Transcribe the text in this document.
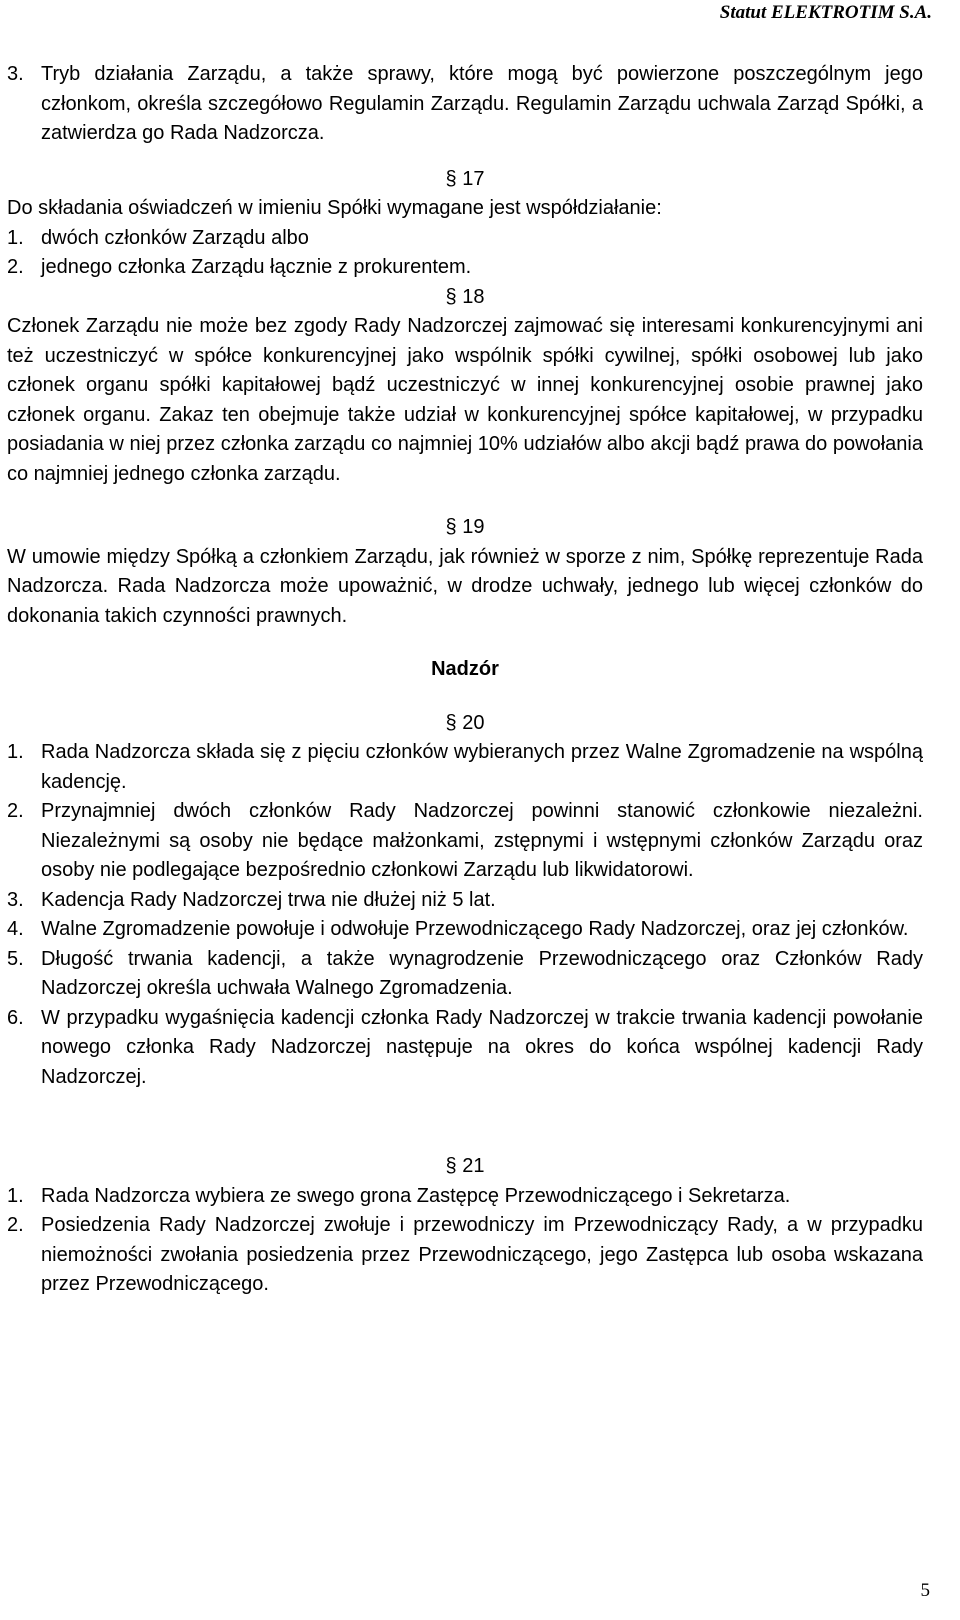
Statut ELEKTROTIM S.A.
3. Tryb działania Zarządu, a także sprawy, które mogą być powierzone poszczególnym jego członkom, określa szczegółowo Regulamin Zarządu. Regulamin Zarządu uchwala Zarząd Spółki, a zatwierdza go Rada Nadzorcza.

§ 17

Do składania oświadczeń w imieniu Spółki wymagane jest współdziałanie:

1. dwóch członków Zarządu albo
2. jednego członka Zarządu łącznie z prokurentem.

§ 18

Członek Zarządu nie może bez zgody Rady Nadzorczej zajmować się interesami konkurencyjnymi ani też uczestniczyć w spółce konkurencyjnej jako wspólnik spółki cywilnej, spółki osobowej lub jako członek organu spółki kapitałowej bądź uczestniczyć w innej konkurencyjnej osobie prawnej jako członek organu. Zakaz ten obejmuje także udział w konkurencyjnej spółce kapitałowej, w przypadku posiadania w niej przez członka zarządu co najmniej 10% udziałów albo akcji bądź prawa do powołania co najmniej jednego członka zarządu.

§ 19

W umowie między Spółką a członkiem Zarządu, jak również w sporze z nim, Spółkę reprezentuje Rada Nadzorcza. Rada Nadzorcza może upoważnić, w drodze uchwały, jednego lub więcej członków do dokonania takich czynności prawnych.

Nadzór

§ 20

1. Rada Nadzorcza składa się z pięciu członków wybieranych przez Walne Zgromadzenie na wspólną kadencję.
2. Przynajmniej dwóch członków Rady Nadzorczej powinni stanowić członkowie niezależni. Niezależnymi są osoby nie będące małżonkami, zstępnymi i wstępnymi członków Zarządu oraz osoby nie podlegające bezpośrednio członkowi Zarządu lub likwidatorowi.
3. Kadencja Rady Nadzorczej trwa nie dłużej niż 5 lat.
4. Walne Zgromadzenie powołuje i odwołuje Przewodniczącego Rady Nadzorczej, oraz jej członków.
5. Długość trwania kadencji, a także wynagrodzenie Przewodniczącego oraz Członków Rady Nadzorczej określa uchwała Walnego Zgromadzenia.
6. W przypadku wygaśnięcia kadencji członka Rady Nadzorczej w trakcie trwania kadencji powołanie nowego członka Rady Nadzorczej następuje na okres do końca wspólnej kadencji Rady Nadzorczej.

§ 21

1. Rada Nadzorcza wybiera ze swego grona Zastępcę Przewodniczącego i Sekretarza.
2. Posiedzenia Rady Nadzorczej zwołuje i przewodniczy im Przewodniczący Rady, a w przypadku niemożności zwołania posiedzenia przez Przewodniczącego, jego Zastępca lub osoba wskazana przez Przewodniczącego.
5
